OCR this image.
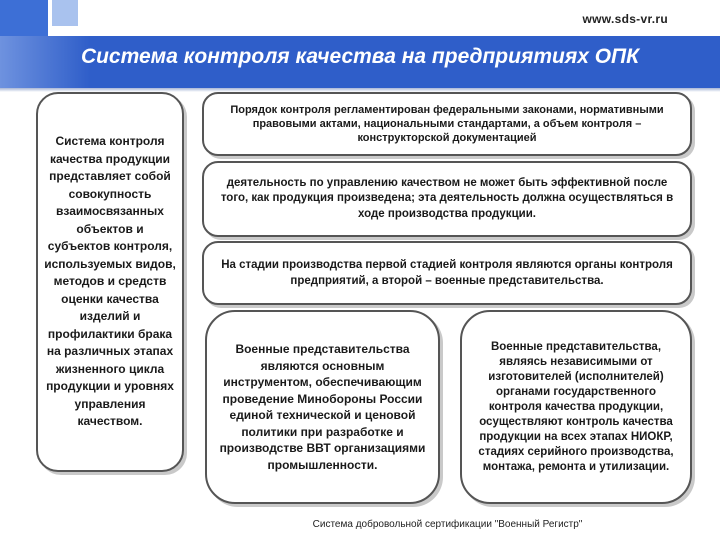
www.sds-vr.ru
Система контроля качества на предприятиях ОПК
Система контроля качества продукции представляет собой совокупность взаимосвязанных объектов и субъектов контроля, используемых видов, методов и средств оценки качества изделий и профилактики брака на различных этапах жизненного цикла продукции и уровнях управления качеством.
Порядок контроля регламентирован федеральными законами, нормативными правовыми актами, национальными стандартами, а объем контроля – конструкторской документацией
деятельность по управлению качеством не может быть эффективной после того, как продукция произведена; эта деятельность должна осуществляться в ходе производства продукции.
На стадии производства первой стадией контроля являются органы контроля предприятий, а второй – военные представительства.
Военные представительства являются основным инструментом, обеспечивающим проведение Минобороны России единой технической и ценовой политики при разработке и производстве ВВТ организациями промышленности.
Военные представительства, являясь независимыми от изготовителей (исполнителей) органами государственного контроля качества продукции, осуществляют контроль качества продукции на всех этапах НИОКР, стадиях серийного производства, монтажа, ремонта и утилизации.
Система добровольной сертификации "Военный Регистр"
